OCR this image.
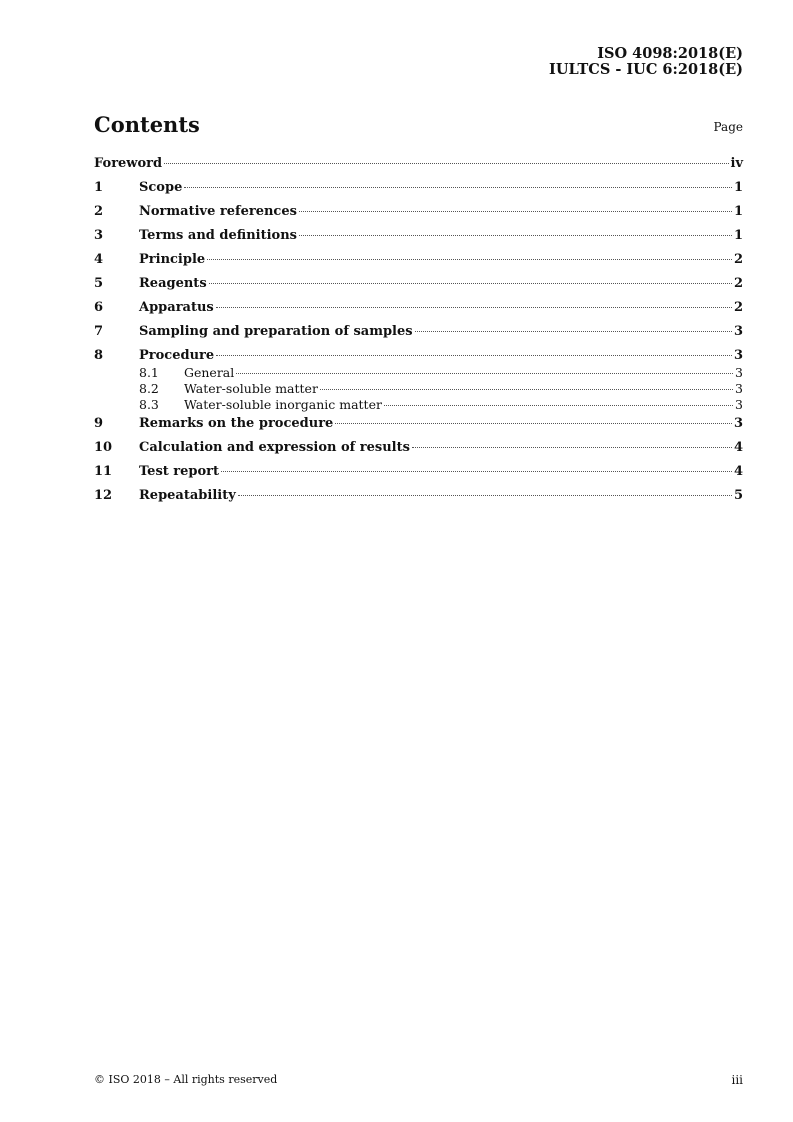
ISO 4098:2018(E)
IULTCS - IUC 6:2018(E)
Contents	Page
Foreword	iv
1	Scope	1
2	Normative references	1
3	Terms and definitions	1
4	Principle	2
5	Reagents	2
6	Apparatus	2
7	Sampling and preparation of samples	3
8	Procedure	3
8.1	General	3
8.2	Water-soluble matter	3
8.3	Water-soluble inorganic matter	3
9	Remarks on the procedure	3
10	Calculation and expression of results	4
11	Test report	4
12	Repeatability	5
© ISO 2018 – All rights reserved	iii
